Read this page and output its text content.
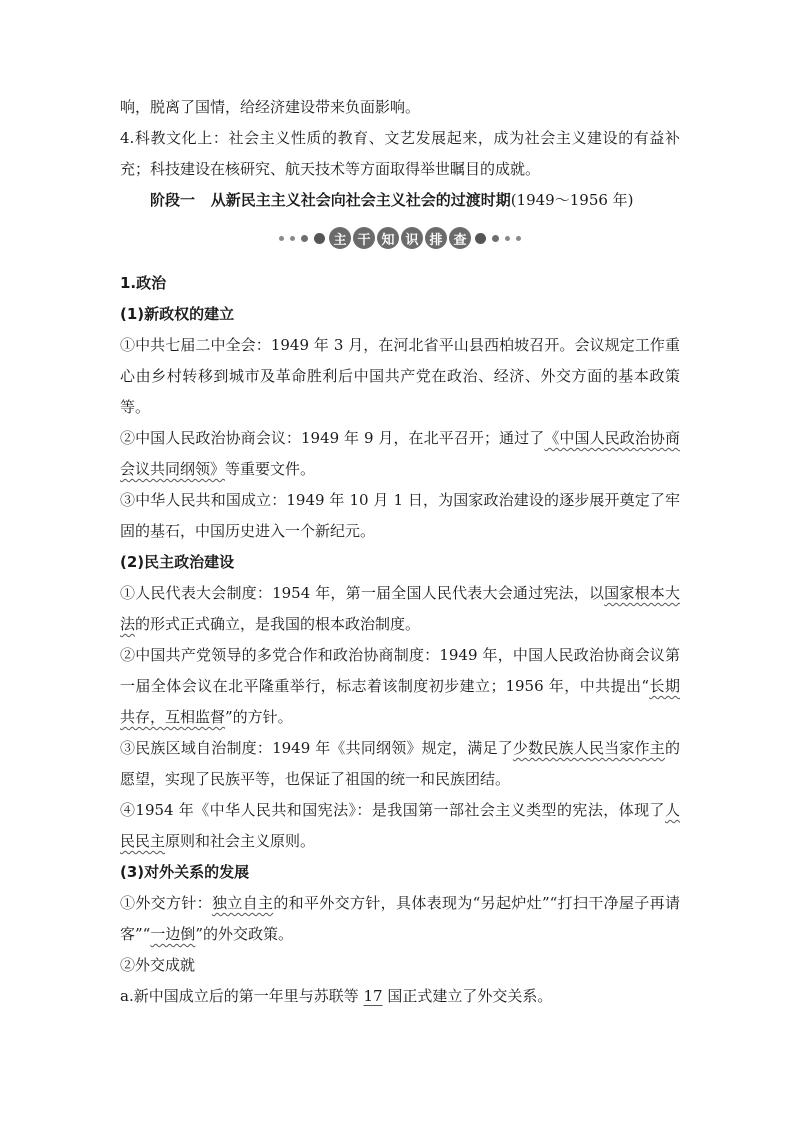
响，脱离了国情，给经济建设带来负面影响。

4.科教文化上：社会主义性质的教育、文艺发展起来，成为社会主义建设的有益补充；科技建设在核研究、航天技术等方面取得举世瞩目的成就。

阶段一 从新民主主义社会向社会主义社会的过渡时期(1949～1956 年)

主 干 知 识 排 查

1.政治

(1)新政权的建立

①中共七届二中全会：1949 年 3 月，在河北省平山县西柏坡召开。会议规定工作重心由乡村转移到城市及革命胜利后中国共产党在政治、经济、外交方面的基本政策等。

②中国人民政治协商会议：1949 年 9 月，在北平召开；通过了《中国人民政治协商会议共同纲领》等重要文件。

③中华人民共和国成立：1949 年 10 月 1 日，为国家政治建设的逐步展开奠定了牢固的基石，中国历史进入一个新纪元。

(2)民主政治建设

①人民代表大会制度：1954 年，第一届全国人民代表大会通过宪法，以国家根本大法的形式正式确立，是我国的根本政治制度。

②中国共产党领导的多党合作和政治协商制度：1949 年，中国人民政治协商会议第一届全体会议在北平隆重举行，标志着该制度初步建立；1956 年，中共提出“长期共存，互相监督”的方针。

③民族区域自治制度：1949 年《共同纲领》规定，满足了少数民族人民当家作主的愿望，实现了民族平等，也保证了祖国的统一和民族团结。

④1954 年《中华人民共和国宪法》：是我国第一部社会主义类型的宪法，体现了人民民主原则和社会主义原则。

(3)对外关系的发展

①外交方针：独立自主的和平外交方针，具体表现为“另起炉灶”“打扫干净屋子再请客”“一边倒”的外交政策。

②外交成就

a.新中国成立后的第一年里与苏联等 17 国正式建立了外交关系。
